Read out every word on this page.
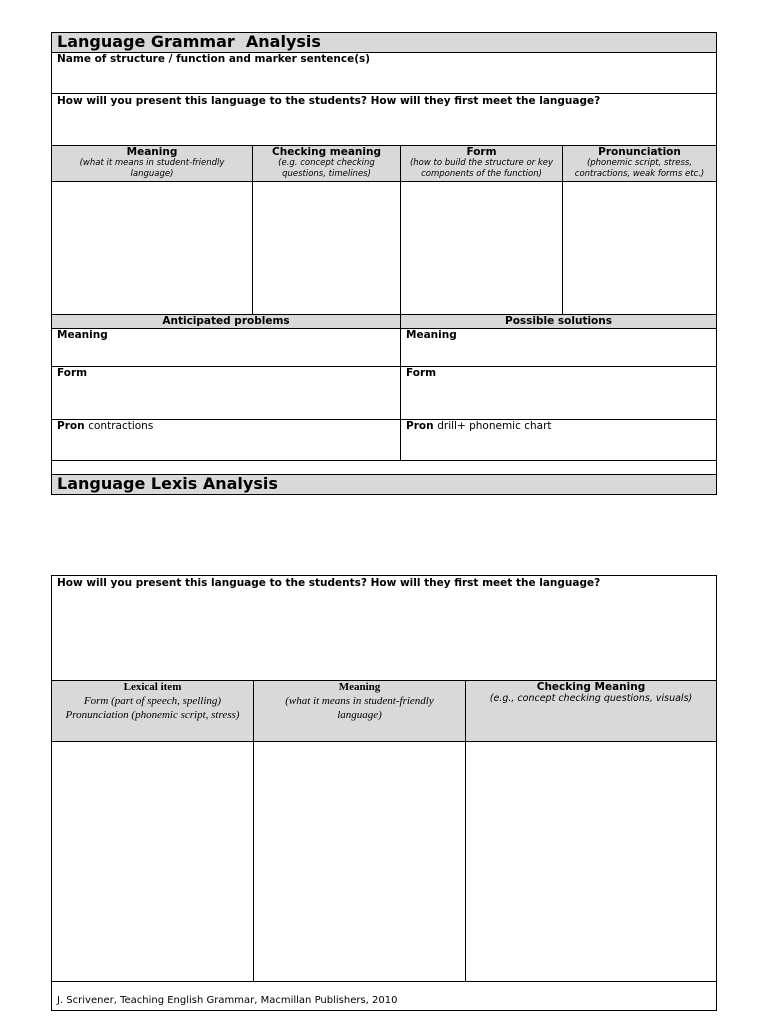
Language Grammar  Analysis
Name of structure / function and marker sentence(s)
How will you present this language to the students? How will they first meet the language?
Meaning
(what it means in student-friendly language)
Checking meaning
(e.g. concept checking questions, timelines)
Form
(how to build the structure or key components of the function)
Pronunciation
(phonemic script, stress, contractions, weak forms etc.)
Anticipated problems	Possible solutions
Meaning
Form
Pron contractions
Meaning
Form
Pron drill+ phonemic chart
Language Lexis Analysis
How will you present this language to the students? How will they first meet the language?
Lexical item
Form (part of speech, spelling) Pronunciation (phonemic script, stress)
Meaning
(what it means in student-friendly language)
Checking Meaning
(e.g., concept checking questions, visuals)
J. Scrivener, Teaching English Grammar, Macmillan Publishers, 2010
